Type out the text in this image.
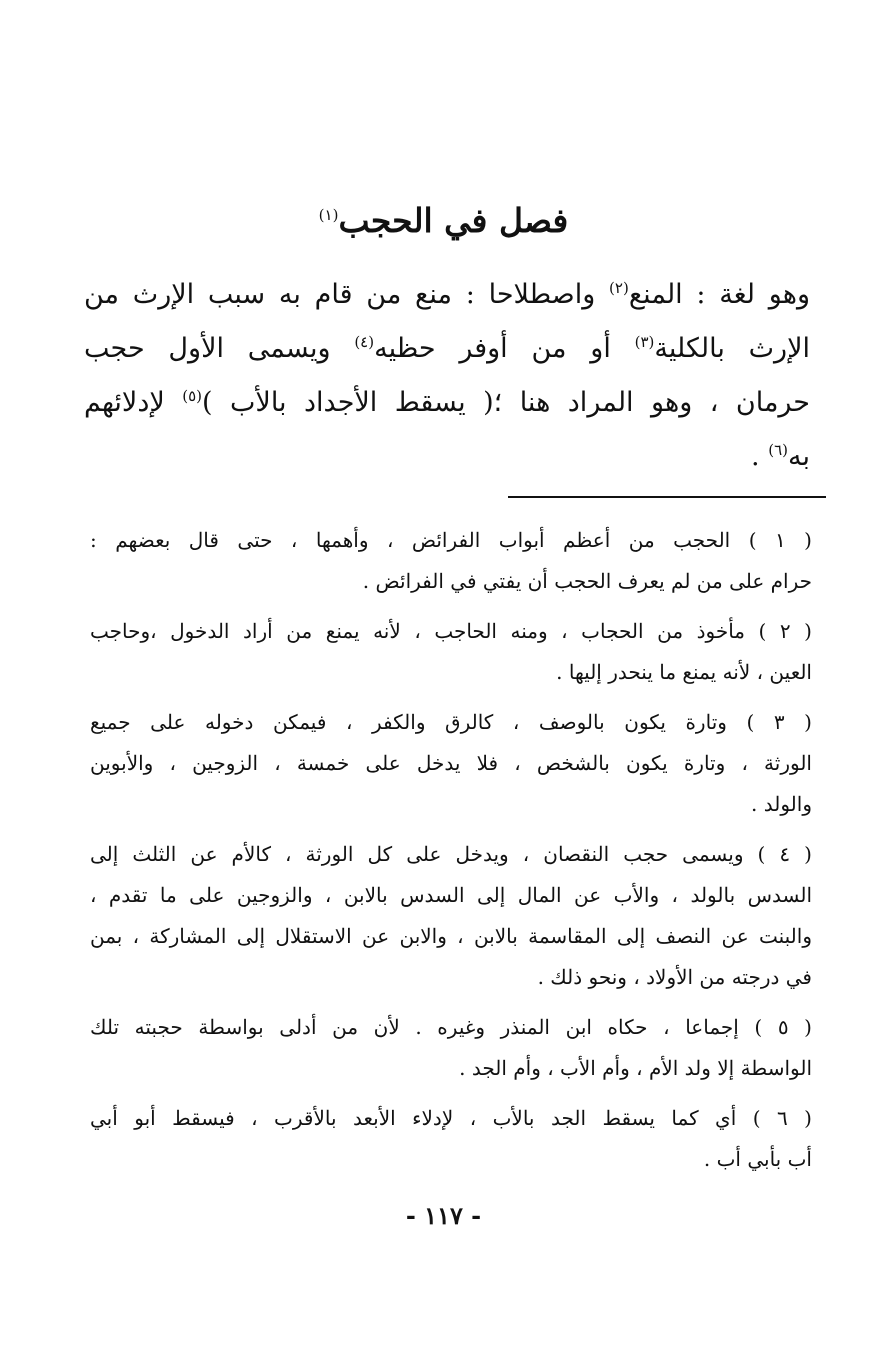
فصل في الحجب$^{(١)}$
وهو لغة : المنع$^{(٢)}$ واصطلاحا : منع من قام به سبب الإرث من
الإرث بالكلية$^{(٣)}$ أو من أوفر حظيه$^{(٤)}$ ويسمى الأول حجب
حرمان ، وهو المراد هنا ؛( يسقط الأجداد بالأب )$^{(٥)}$ لإدلائهم
به$^{(٦)}$ .
( ١ ) الحجب من أعظم أبواب الفرائض ، وأهمها ، حتى قال بعضهم :
حرام على من لم يعرف الحجب أن يفتي في الفرائض .
( ٢ ) مأخوذ من الحجاب ، ومنه الحاجب ، لأنه يمنع من أراد الدخول ،وحاجب
العين ، لأنه يمنع ما ينحدر إليها .
( ٣ ) وتارة يكون بالوصف ، كالرق والكفر ، فيمكن دخوله على جميع
الورثة ، وتارة يكون بالشخص ، فلا يدخل على خمسة ، الزوجين ، والأبوين
والولد .
( ٤ ) ويسمى حجب النقصان ، ويدخل على كل الورثة ، كالأم عن الثلث إلى
السدس بالولد ، والأب عن المال إلى السدس بالابن ، والزوجين على ما تقدم ،
والبنت عن النصف إلى المقاسمة بالابن ، والابن عن الاستقلال إلى المشاركة ، بمن
في درجته من الأولاد ، ونحو ذلك .
( ٥ ) إجماعا ، حكاه ابن المنذر وغيره . لأن من أدلى بواسطة حجبته تلك
الواسطة إلا ولد الأم ، وأم الأب ، وأم الجد .
( ٦ ) أي كما يسقط الجد بالأب ، لإدلاء الأبعد بالأقرب ، فيسقط أبو أبي
أب بأبي أب .
- ١١٧ -
